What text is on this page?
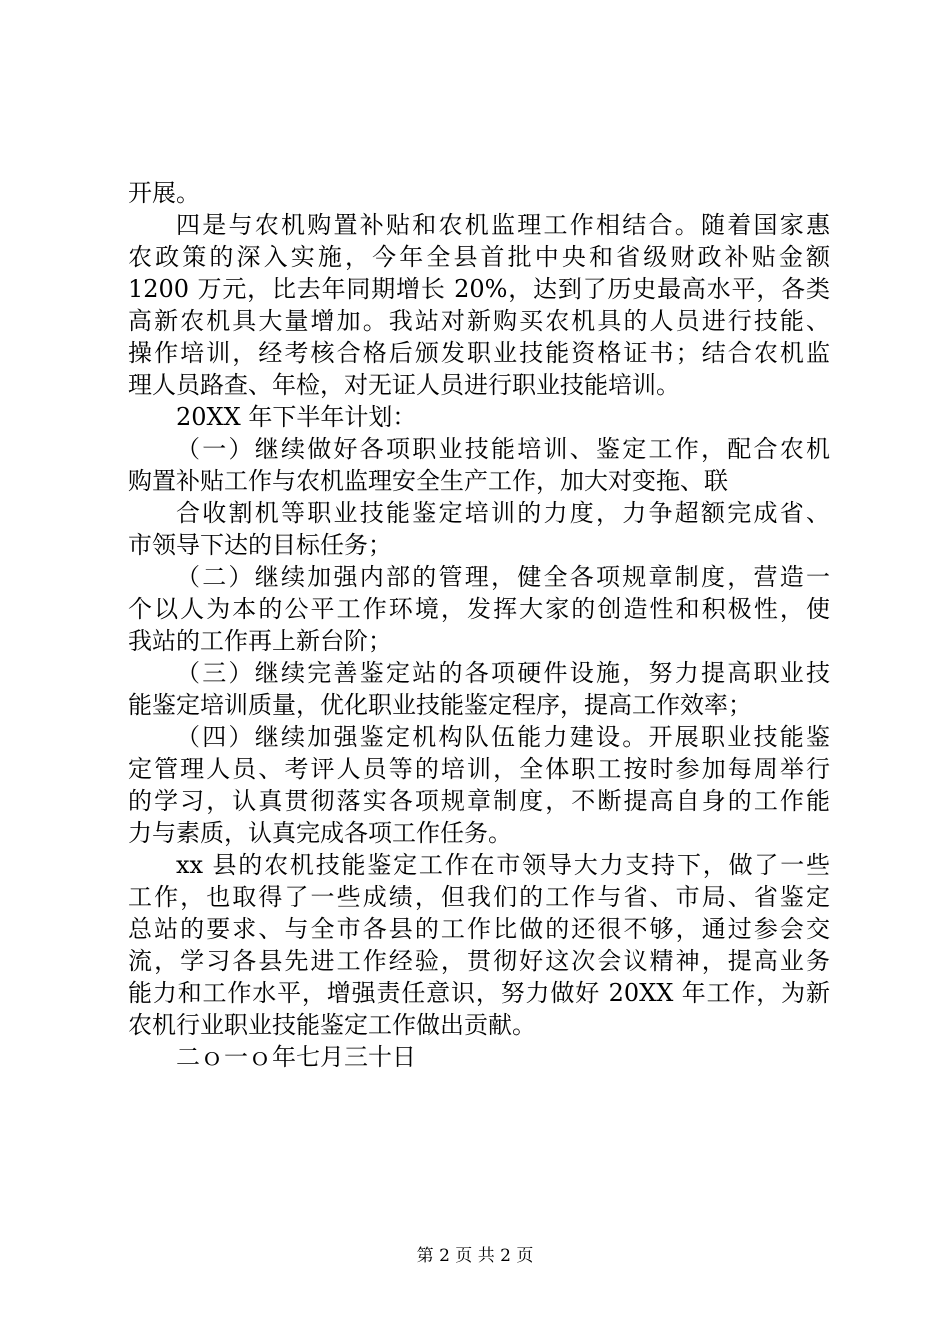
开展。
四是与农机购置补贴和农机监理工作相结合。随着国家惠
农政策的深入实施，今年全县首批中央和省级财政补贴金额
1200 万元，比去年同期增长 20%，达到了历史最高水平，各类
高新农机具大量增加。我站对新购买农机具的人员进行技能、
操作培训，经考核合格后颁发职业技能资格证书；结合农机监
理人员路查、年检，对无证人员进行职业技能培训。
20XX 年下半年计划：
（一）继续做好各项职业技能培训、鉴定工作，配合农机
购置补贴工作与农机监理安全生产工作，加大对变拖、联
合收割机等职业技能鉴定培训的力度，力争超额完成省、
市领导下达的目标任务；
（二）继续加强内部的管理，健全各项规章制度，营造一
个以人为本的公平工作环境，发挥大家的创造性和积极性，使
我站的工作再上新台阶；
（三）继续完善鉴定站的各项硬件设施，努力提高职业技
能鉴定培训质量，优化职业技能鉴定程序，提高工作效率；
（四）继续加强鉴定机构队伍能力建设。开展职业技能鉴
定管理人员、考评人员等的培训，全体职工按时参加每周举行
的学习，认真贯彻落实各项规章制度，不断提高自身的工作能
力与素质，认真完成各项工作任务。
xx 县的农机技能鉴定工作在市领导大力支持下，做了一些
工作，也取得了一些成绩，但我们的工作与省、市局、省鉴定
总站的要求、与全市各县的工作比做的还很不够，通过参会交
流，学习各县先进工作经验，贯彻好这次会议精神，提高业务
能力和工作水平，增强责任意识，努力做好 20XX 年工作，为新
农机行业职业技能鉴定工作做出贡献。
二ｏ一ｏ年七月三十日
第 2 页 共 2 页
